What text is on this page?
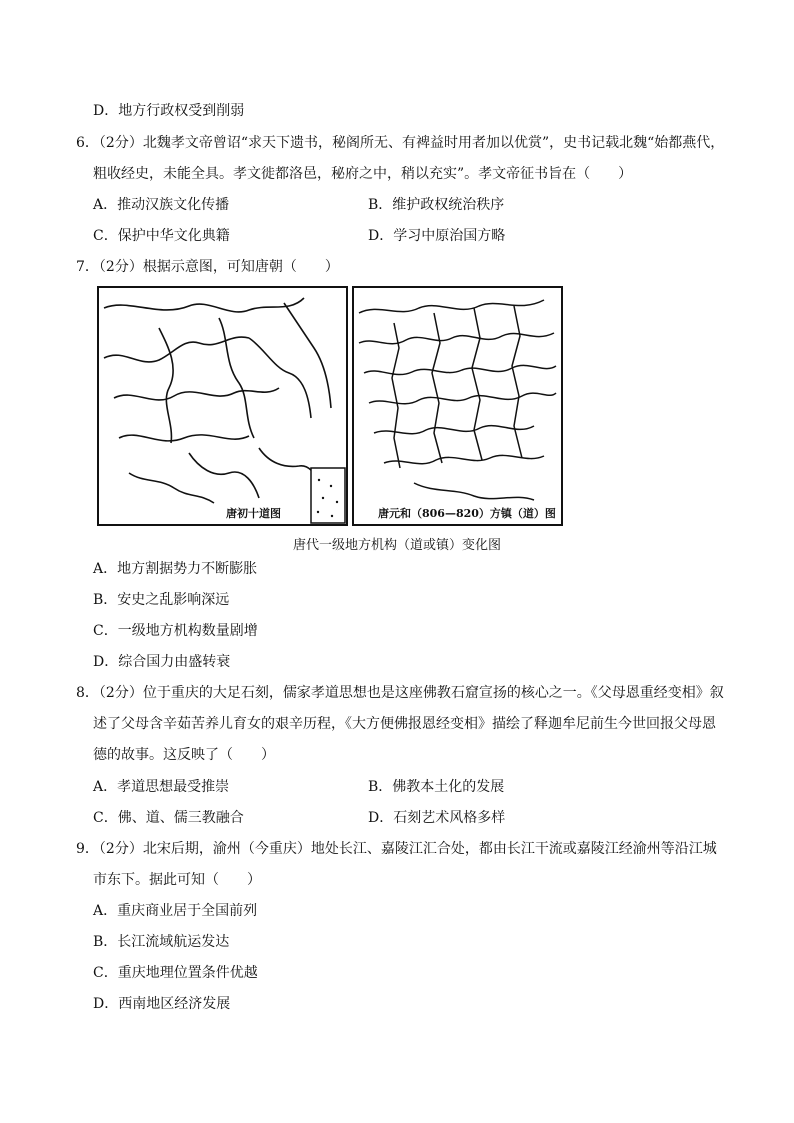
D．地方行政权受到削弱
6．（2分）北魏孝文帝曾诏“求天下遗书，秘阁所无、有裨益时用者加以优赏”，史书记载北魏“始都燕代，
粗收经史，未能全具。孝文徙都洛邑，秘府之中，稍以充实”。孝文帝征书旨在（　　）
A．推动汉族文化传播	B．维护政权统治秩序
C．保护中华文化典籍	D．学习中原治国方略
7．（2分）根据示意图，可知唐朝（　　）
唐初十道图	唐元和（806—820）方镇（道）图
唐代一级地方机构（道或镇）变化图
A．地方割据势力不断膨胀
B．安史之乱影响深远
C．一级地方机构数量剧增
D．综合国力由盛转衰
8．（2分）位于重庆的大足石刻，儒家孝道思想也是这座佛教石窟宣扬的核心之一。《父母恩重经变相》叙
述了父母含辛茹苦养儿育女的艰辛历程，《大方便佛报恩经变相》描绘了释迦牟尼前生今世回报父母恩
德的故事。这反映了（　　）
A．孝道思想最受推崇	B．佛教本土化的发展
C．佛、道、儒三教融合	D．石刻艺术风格多样
9．（2分）北宋后期，渝州（今重庆）地处长江、嘉陵江汇合处，都由长江干流或嘉陵江经渝州等沿江城
市东下。据此可知（　　）
A．重庆商业居于全国前列
B．长江流域航运发达
C．重庆地理位置条件优越
D．西南地区经济发展
